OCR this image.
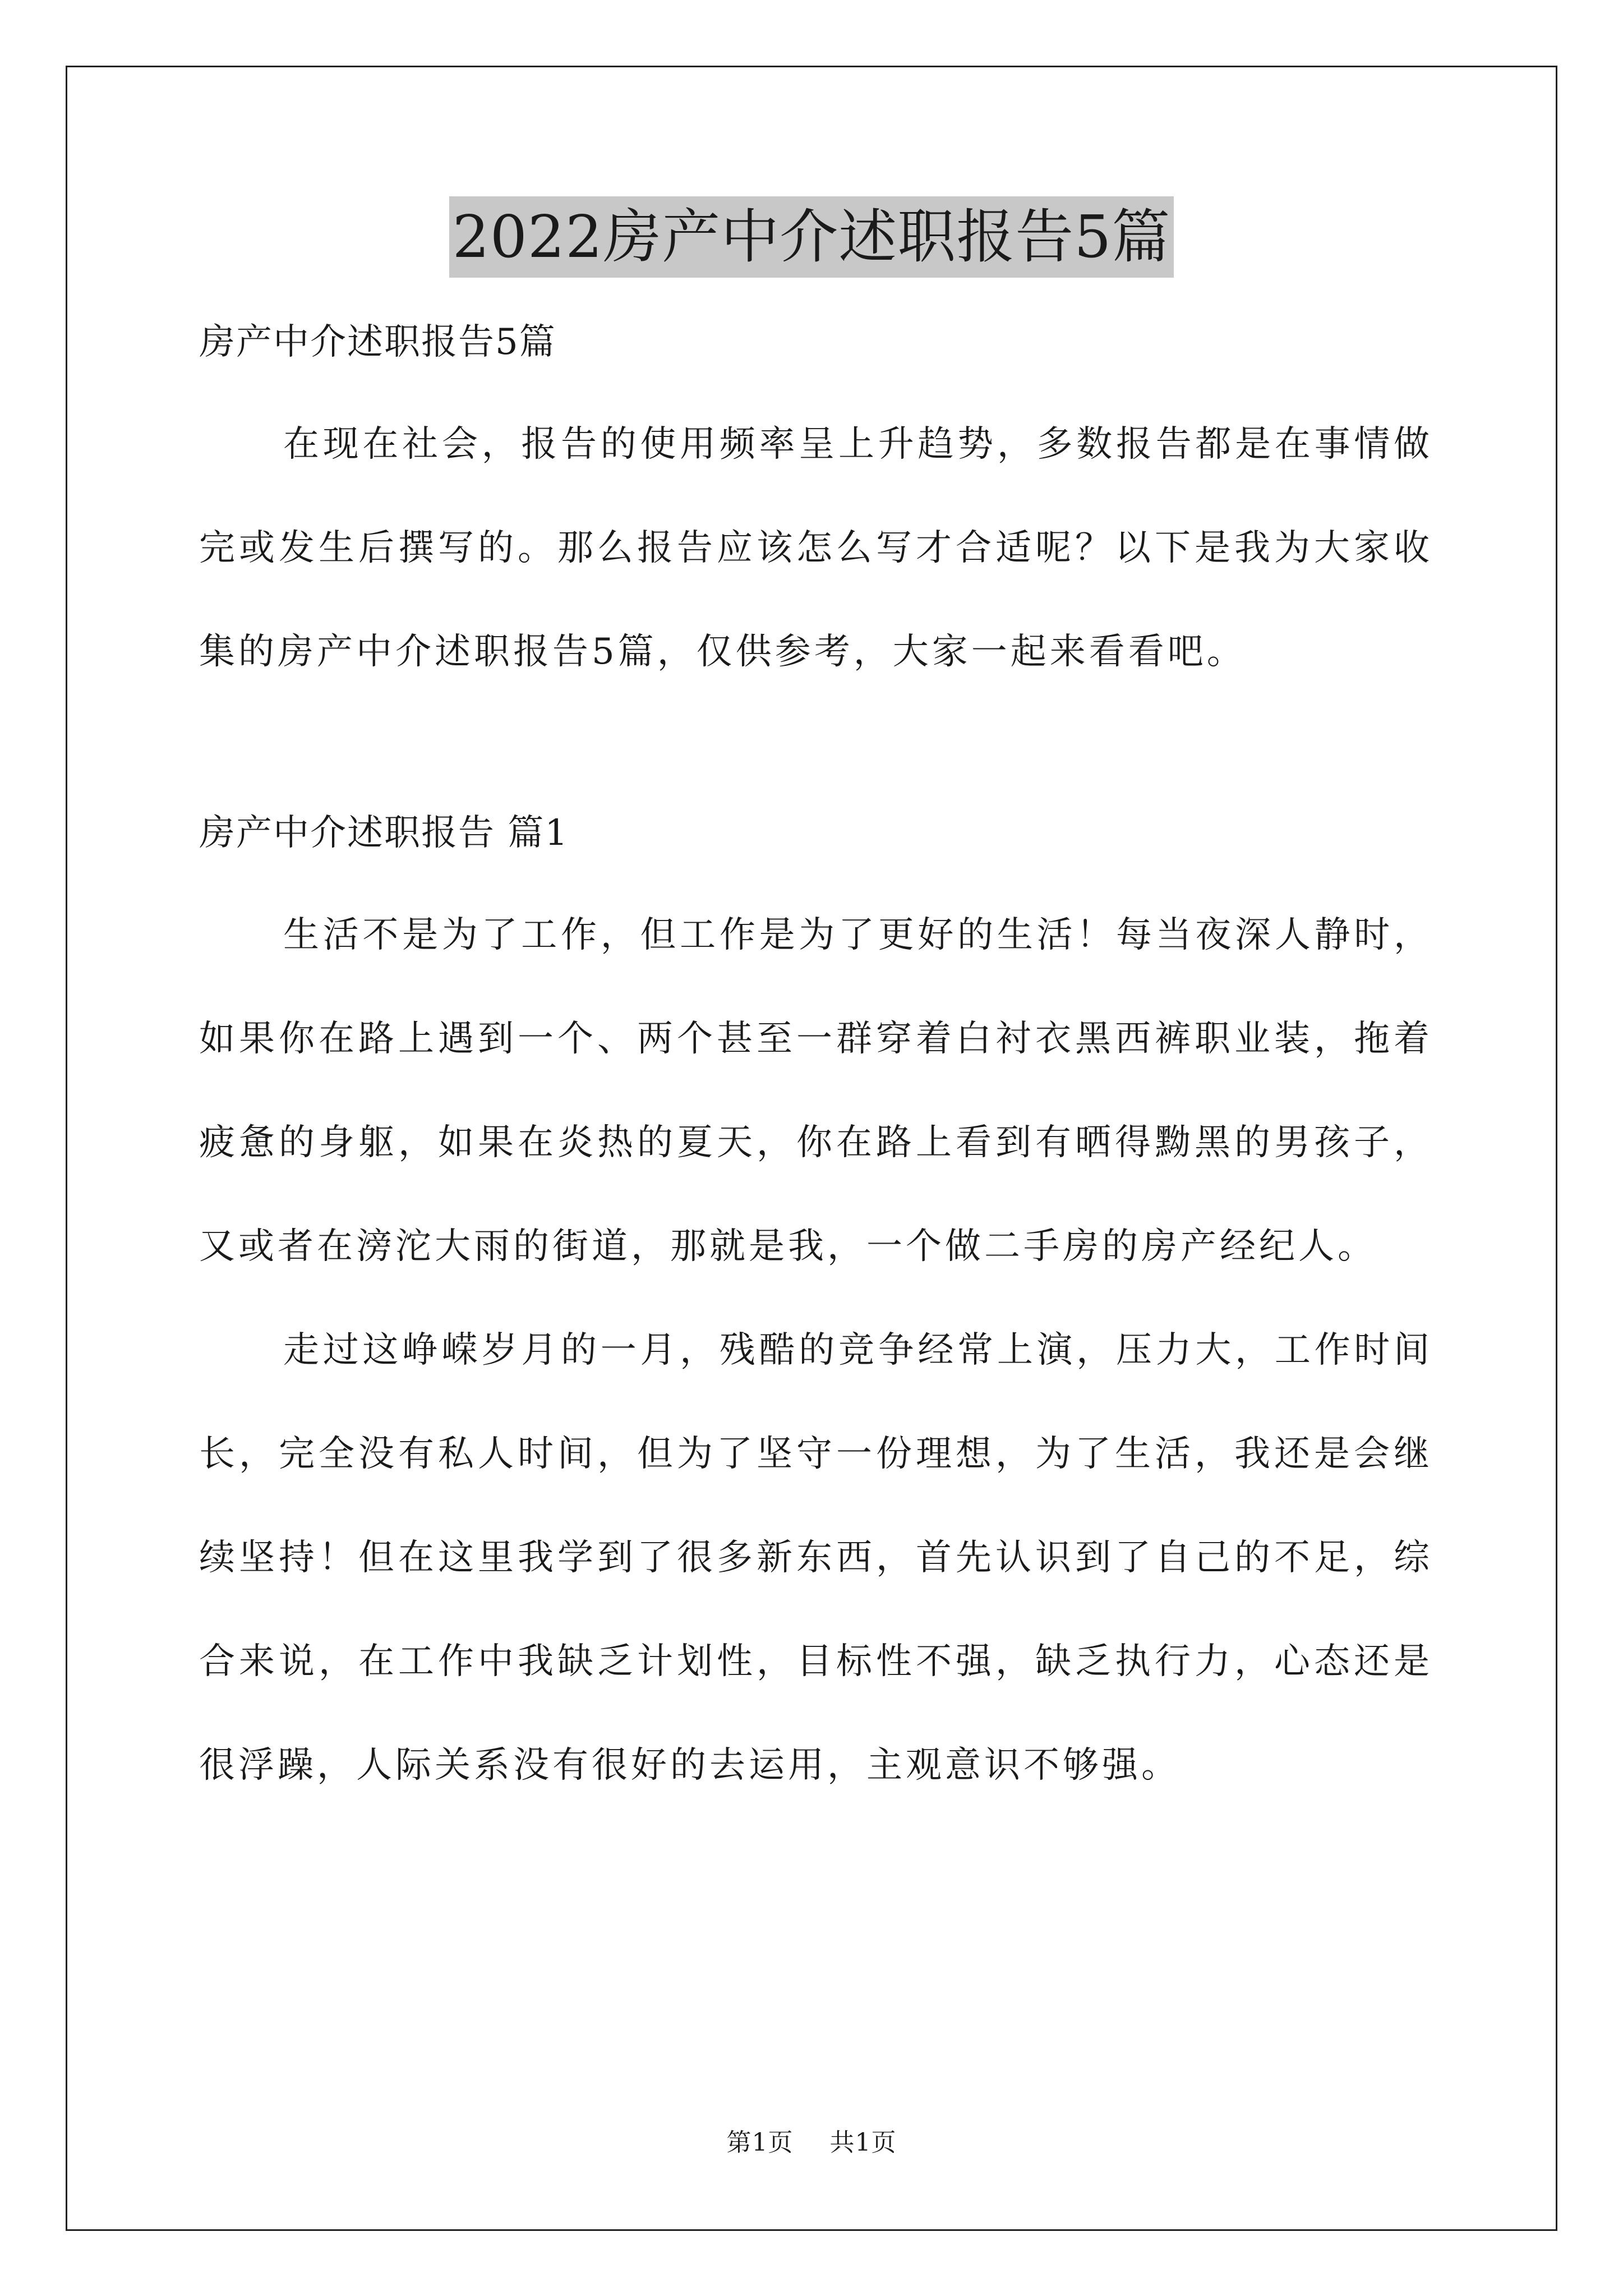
2022房产中介述职报告5篇
房产中介述职报告5篇

在现在社会，报告的使用频率呈上升趋势，多数报告都是在事情做完或发生后撰写的。那么报告应该怎么写才合适呢？以下是我为大家收集的房产中介述职报告5篇，仅供参考，大家一起来看看吧。

房产中介述职报告 篇1

生活不是为了工作，但工作是为了更好的生活！每当夜深人静时，如果你在路上遇到一个、两个甚至一群穿着白衬衣黑西裤职业装，拖着疲惫的身躯，如果在炎热的夏天，你在路上看到有晒得黝黑的男孩子，又或者在滂沱大雨的街道，那就是我，一个做二手房的房产经纪人。

走过这峥嵘岁月的一月，残酷的竞争经常上演，压力大，工作时间长，完全没有私人时间，但为了坚守一份理想，为了生活，我还是会继续坚持！但在这里我学到了很多新东西，首先认识到了自己的不足，综合来说，在工作中我缺乏计划性，目标性不强，缺乏执行力，心态还是很浮躁，人际关系没有很好的去运用，主观意识不够强。

第1页 共1页
